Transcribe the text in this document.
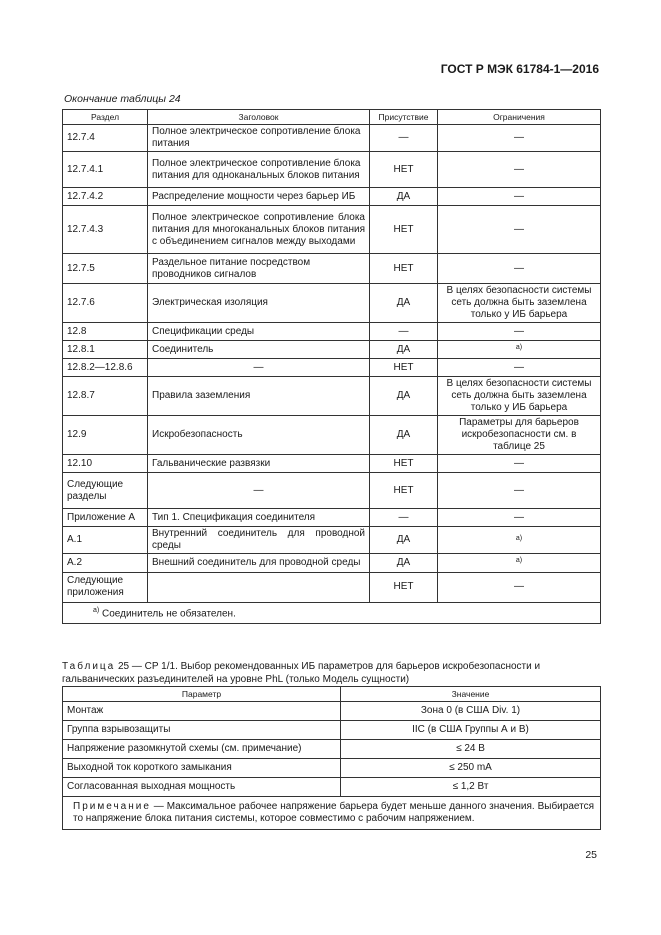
ГОСТ Р МЭК 61784-1—2016
Окончание таблицы 24
Раздел	Заголовок	Присутствие	Ограничения
12.7.4	Полное электрическое сопротивление блока питания	—	—
12.7.4.1	Полное электрическое сопротивление блока питания для одноканальных блоков питания	НЕТ	—
12.7.4.2	Распределение мощности через барьер ИБ	ДА	—
12.7.4.3	Полное электрическое сопротивление блока питания для многоканальных блоков питания с объединением сигналов между выходами	НЕТ	—
12.7.5	Раздельное питание посредством проводников сигналов	НЕТ	—
12.7.6	Электрическая изоляция	ДА	В целях безопасности системы сеть должна быть заземлена только у ИБ барьера
12.8	Спецификации среды	—	—
12.8.1	Соединитель	ДА	$^{a)}$
12.8.2—12.8.6	—	НЕТ	—
12.8.7	Правила заземления	ДА	В целях безопасности системы сеть должна быть заземлена только у ИБ барьера
12.9	Искробезопасность	ДА	Параметры для барьеров искробезопасности см. в таблице 25
12.10	Гальванические развязки	НЕТ	—
Следующие разделы	—	НЕТ	—
Приложение А	Тип 1. Спецификация соединителя	—	—
А.1	Внутренний соединитель для проводной среды	ДА	$^{a)}$
А.2	Внешний соединитель для проводной среды	ДА	$^{a)}$
Следующие приложения		НЕТ	—
$^{a)}$ Соединитель не обязателен.			
Таблица 25 — CP 1/1. Выбор рекомендованных ИБ параметров для барьеров искробезопасности и гальванических разъединителей на уровне PhL (только Модель сущности)
Параметр	Значение
Монтаж	Зона 0 (в США Div. 1)
Группа взрывозащиты	IIC (в США Группы А и В)
Напряжение разомкнутой схемы (см. примечание)	≤ 24 В
Выходной ток короткого замыкания	≤ 250 mA
Согласованная выходная мощность	≤ 1,2 Вт
Примечание — Максимальное рабочее напряжение барьера будет меньше данного значения. Выбирается то напряжение блока питания системы, которое совместимо с рабочим напряжением.	
25
